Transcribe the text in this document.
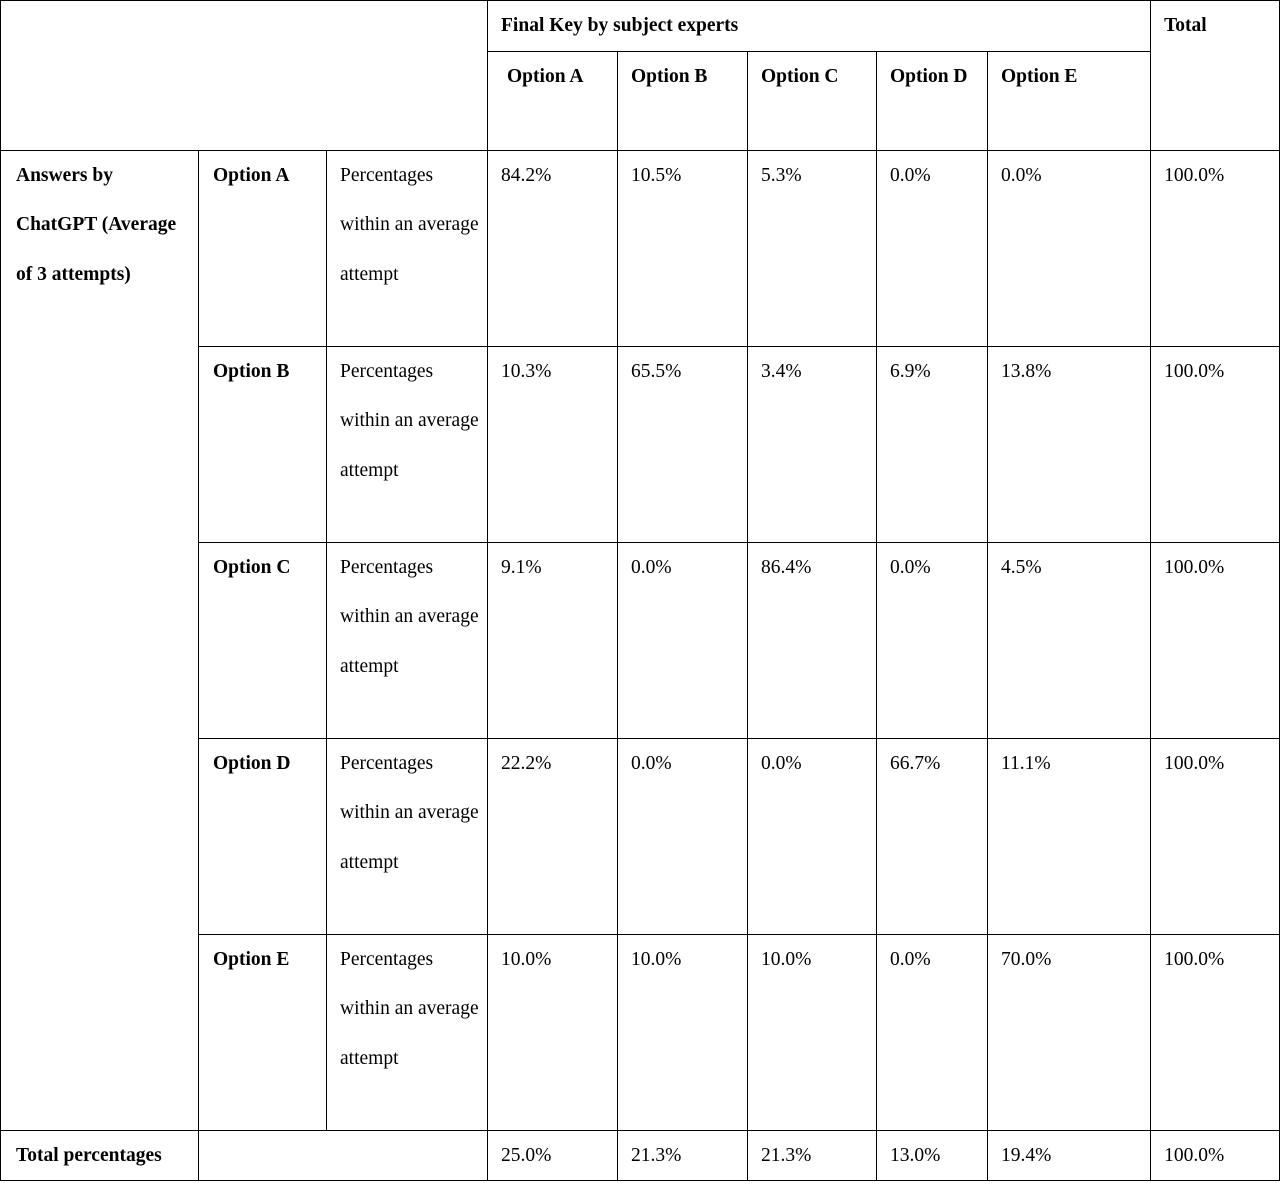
			Final Key by subject experts					Total
			Option A	Option B	Option C	Option D	Option E	
Answers by ChatGPT (Average of 3 attempts)	Option A	Percentages within an average attempt	84.2%	10.5%	5.3%	0.0%	0.0%	100.0%
	Option B	Percentages within an average attempt	10.3%	65.5%	3.4%	6.9%	13.8%	100.0%
	Option C	Percentages within an average attempt	9.1%	0.0%	86.4%	0.0%	4.5%	100.0%
	Option D	Percentages within an average attempt	22.2%	0.0%	0.0%	66.7%	11.1%	100.0%
	Option E	Percentages within an average attempt	10.0%	10.0%	10.0%	0.0%	70.0%	100.0%
Total percentages			25.0%	21.3%	21.3%	13.0%	19.4%	100.0%
